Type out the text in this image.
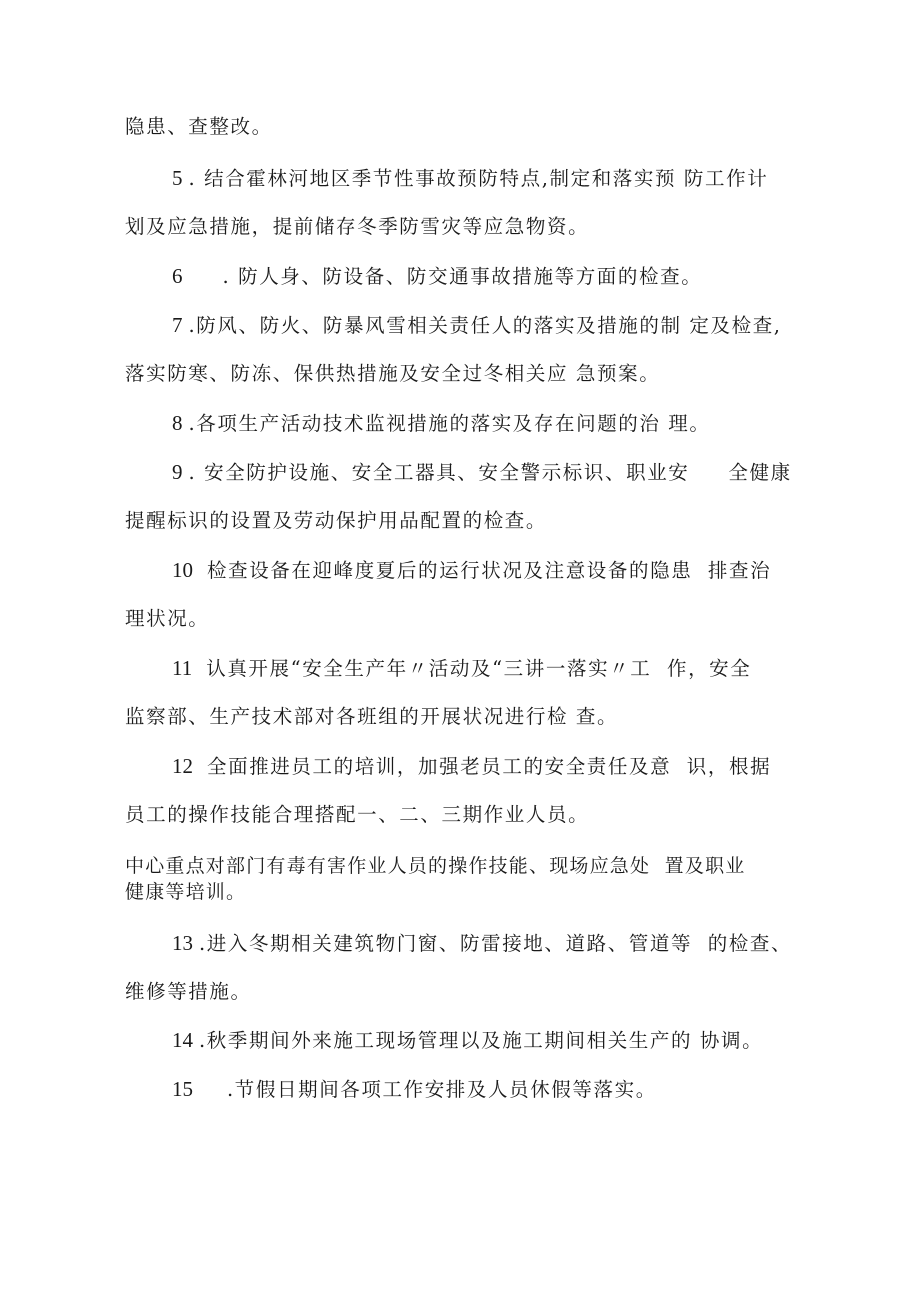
隐患、查整改。
5 . 结合霍林河地区季节性事故预防特点,制定和落实预 防工作计
划及应急措施，提前储存冬季防雪灾等应急物资。
6 . 防人身、防设备、防交通事故措施等方面的检查。
7 .防风、防火、防暴风雪相关责任人的落实及措施的制 定及检查,
落实防寒、防冻、保供热措施及安全过冬相关应 急预案。
8 .各项生产活动技术监视措施的落实及存在问题的治 理。
9 . 安全防护设施、安全工器具、安全警示标识、职业安     全健康
提醒标识的设置及劳动保护用品配置的检查。
10 检查设备在迎峰度夏后的运行状况及注意设备的隐患  排查治
理状况。
11 认真开展“安全生产年〃活动及“三讲一落实〃工  作，安全
监察部、生产技术部对各班组的开展状况进行检 查。
12 全面推进员工的培训，加强老员工的安全责任及意  识，根据
员工的操作技能合理搭配一、二、三期作业人员。
中心重点对部门有毒有害作业人员的操作技能、现场应急处  置及职业
健康等培训。
13 .进入冬期相关建筑物门窗、防雷接地、道路、管道等  的检查、
维修等措施。
14 .秋季期间外来施工现场管理以及施工期间相关生产的 协调。
15 .节假日期间各项工作安排及人员休假等落实。
